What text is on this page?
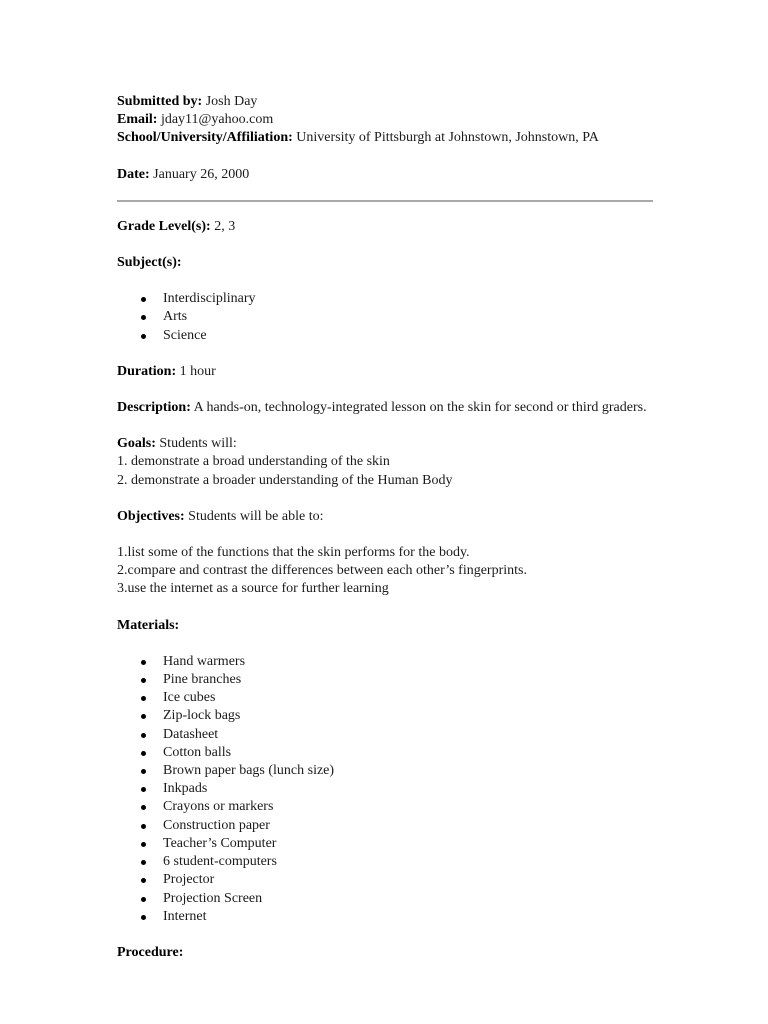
Submitted by: Josh Day

Email: jday11@yahoo.com

School/University/Affiliation: University of Pittsburgh at Johnstown, Johnstown, PA

Date: January 26, 2000

Grade Level(s): 2, 3

Subject(s):

Interdisciplinary
Arts
Science

Duration: 1 hour

Description: A hands-on, technology-integrated lesson on the skin for second or third graders.

Goals: Students will:

1. demonstrate a broad understanding of the skin

2. demonstrate a broader understanding of the Human Body

Objectives: Students will be able to:

1.list some of the functions that the skin performs for the body.

2.compare and contrast the differences between each other’s fingerprints.

3.use the internet as a source for further learning

Materials:

Hand warmers
Pine branches
Ice cubes
Zip-lock bags
Datasheet
Cotton balls
Brown paper bags (lunch size)
Inkpads
Crayons or markers
Construction paper
Teacher’s Computer
6 student-computers
Projector
Projection Screen
Internet

Procedure:
